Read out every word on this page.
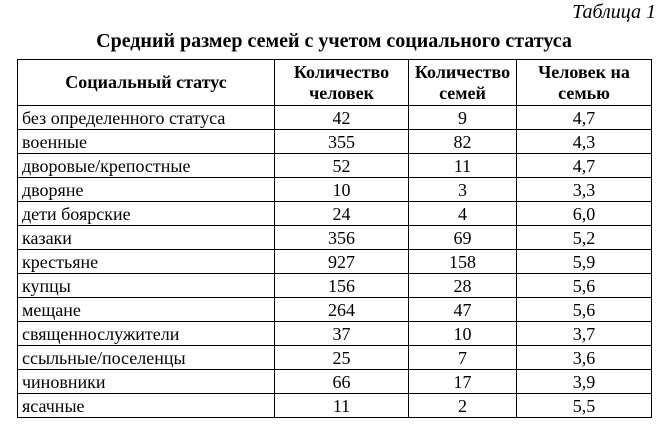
Таблица 1
Средний размер семей с учетом социального статуса
Социальный статус	Количество человек	Количество семей	Человек на семью
без определенного статуса	42	9	4,7
военные	355	82	4,3
дворовые/крепостные	52	11	4,7
дворяне	10	3	3,3
дети боярские	24	4	6,0
казаки	356	69	5,2
крестьяне	927	158	5,9
купцы	156	28	5,6
мещане	264	47	5,6
священнослужители	37	10	3,7
ссыльные/поселенцы	25	7	3,6
чиновники	66	17	3,9
ясачные	11	2	5,5
